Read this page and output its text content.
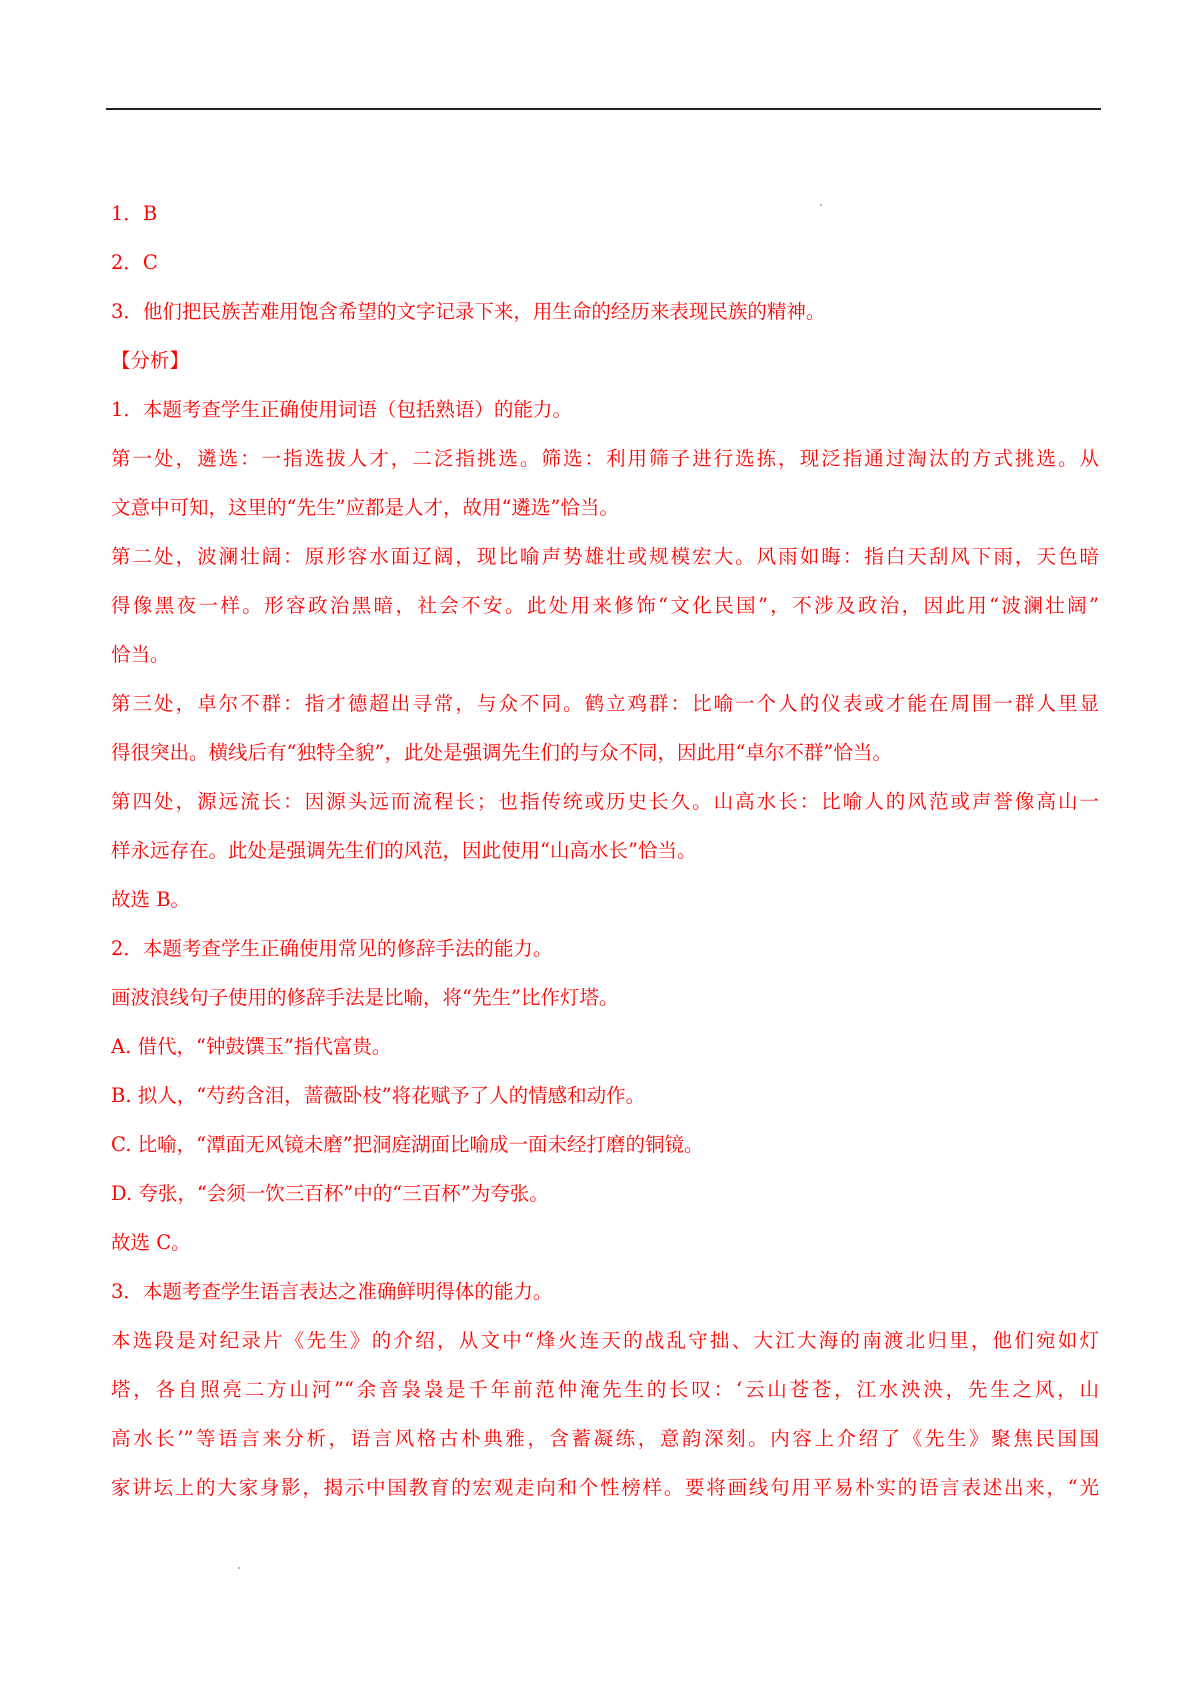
1．B

2．C

3．他们把民族苦难用饱含希望的文字记录下来，用生命的经历来表现民族的精神。

【分析】

1．本题考查学生正确使用词语（包括熟语）的能力。

第一处，遴选：一指选拔人才，二泛指挑选。筛选：利用筛子进行选拣，现泛指通过淘汰的方式挑选。从
文意中可知，这里的“先生”应都是人才，故用“遴选”恰当。
第二处，波澜壮阔：原形容水面辽阔，现比喻声势雄壮或规模宏大。风雨如晦：指白天刮风下雨，天色暗
得像黑夜一样。形容政治黑暗，社会不安。此处用来修饰“文化民国”，不涉及政治，因此用“波澜壮阔”
恰当。
第三处，卓尔不群：指才德超出寻常，与众不同。鹤立鸡群：比喻一个人的仪表或才能在周围一群人里显
得很突出。横线后有“独特全貌”，此处是强调先生们的与众不同，因此用“卓尔不群”恰当。
第四处，源远流长：因源头远而流程长；也指传统或历史长久。山高水长：比喻人的风范或声誉像高山一
样永远存在。此处是强调先生们的风范，因此使用“山高水长”恰当。

故选 B。

2．本题考查学生正确使用常见的修辞手法的能力。

画波浪线句子使用的修辞手法是比喻，将“先生”比作灯塔。

A. 借代，“钟鼓馔玉”指代富贵。

B. 拟人，“芍药含泪，蔷薇卧枝”将花赋予了人的情感和动作。

C. 比喻，“潭面无风镜未磨”把洞庭湖面比喻成一面未经打磨的铜镜。

D. 夸张，“会须一饮三百杯”中的“三百杯”为夸张。

故选 C。

3．本题考查学生语言表达之准确鲜明得体的能力。

本选段是对纪录片《先生》的介绍，从文中“烽火连天的战乱守拙、大江大海的南渡北归里，他们宛如灯
塔，各自照亮二方山河”“余音袅袅是千年前范仲淹先生的长叹：‘云山苍苍，江水泱泱，先生之风，山
高水长’”等语言来分析，语言风格古朴典雅，含蓄凝练，意韵深刻。内容上介绍了《先生》聚焦民国国
家讲坛上的大家身影，揭示中国教育的宏观走向和个性榜样。要将画线句用平易朴实的语言表述出来，“光
